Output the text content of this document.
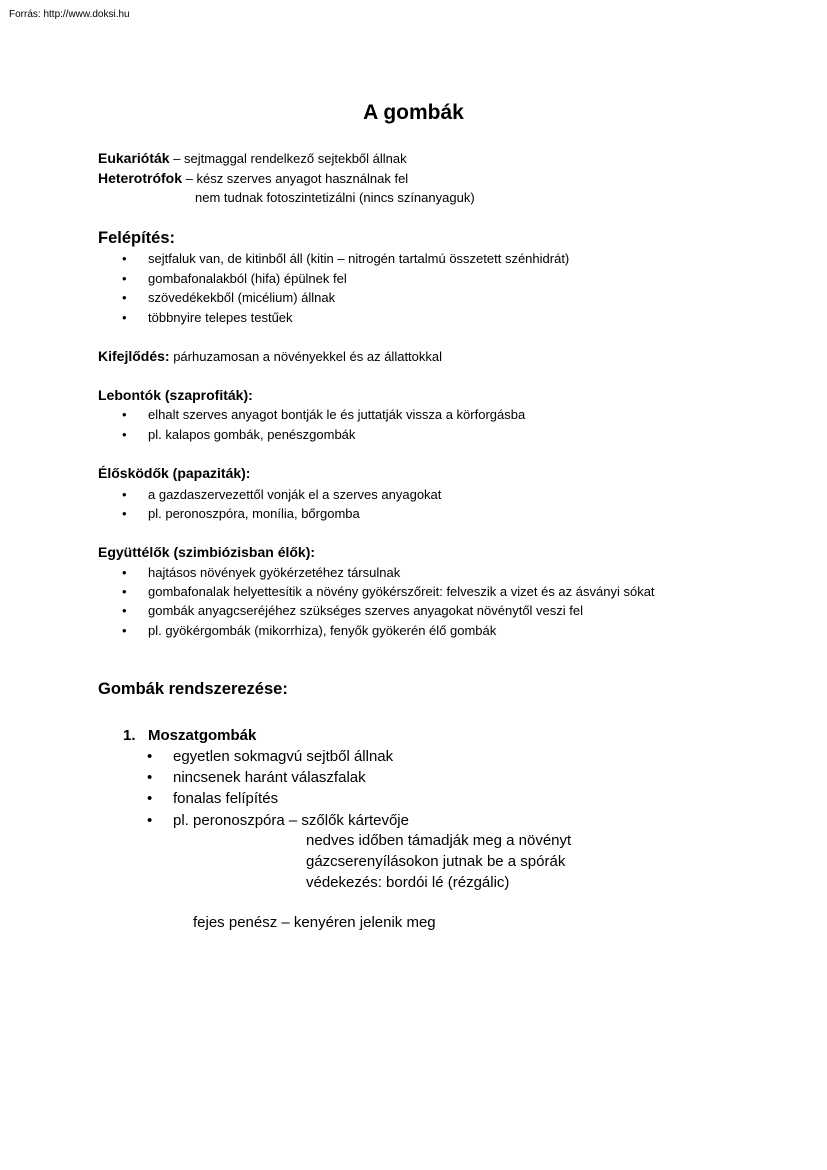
Forrás: http://www.doksi.hu
A gombák
Eukarióták – sejtmaggal rendelkező sejtekből állnak
Heterotrófok – kész szerves anyagot használnak fel
nem tudnak fotoszintetizálni (nincs színanyaguk)
Felépítés:
• sejtfaluk van, de kitinből áll (kitin – nitrogén tartalmú összetett szénhidrát)
• gombafonalakból (hifa) épülnek fel
• szövedékekből (micélium) állnak
• többnyire telepes testűek
Kifejlődés: párhuzamosan a növényekkel és az állattokkal
Lebontók (szaprofiták):
• elhalt szerves anyagot bontják le és juttatják vissza a körforgásba
• pl. kalapos gombák, penészgombák
Élősködők (papaziták):
• a gazdaszervezettől vonják el a szerves anyagokat
• pl. peronoszpóra, monília, bőrgomba
Együttélők (szimbiózisban élők):
• hajtásos növények gyökérzetéhez társulnak
• gombafonalak helyettesítik a növény gyökérszőreit: felveszik a vizet és az ásványi sókat
• gombák anyagcseréjéhez szükséges szerves anyagokat növénytől veszi fel
• pl. gyökérgombák (mikorrhiza), fenyők gyökerén élő gombák
Gombák rendszerezése:
1. Moszatgombák
• egyetlen sokmagvú sejtből állnak
• nincsenek haránt válaszfalak
• fonalas felípítés
• pl. peronoszpóra – szőlők kártevője
nedves időben támadják meg a növényt
gázcserenyílásokon jutnak be a spórák
védekezés: bordói lé (rézgálic)
fejes penész – kenyéren jelenik meg
